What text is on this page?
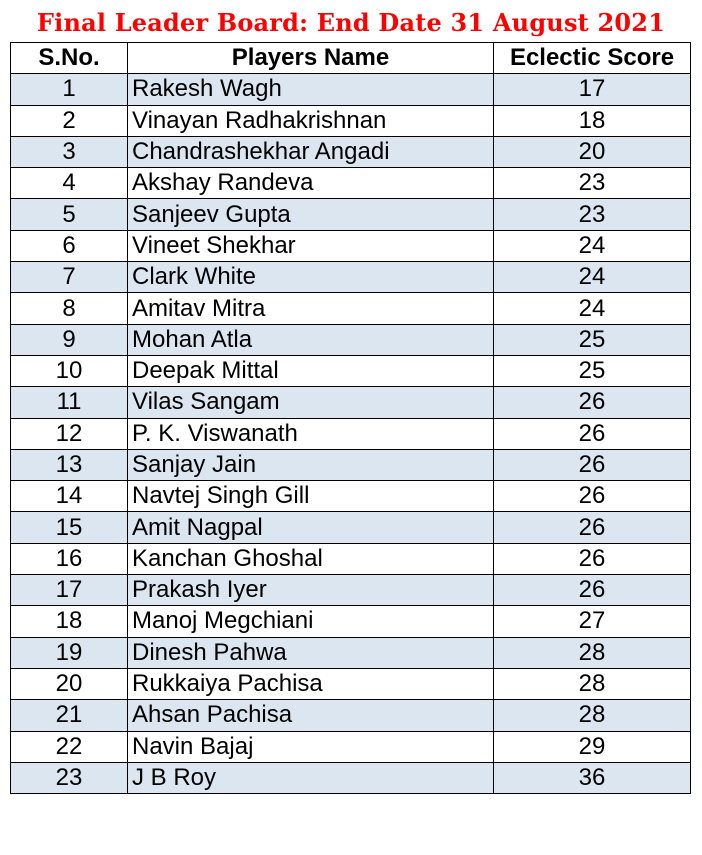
Final Leader Board: End Date 31 August 2021
S.No.	Players Name	Eclectic Score
1	Rakesh Wagh	17
2	Vinayan Radhakrishnan	18
3	Chandrashekhar Angadi	20
4	Akshay Randeva	23
5	Sanjeev Gupta	23
6	Vineet Shekhar	24
7	Clark White	24
8	Amitav Mitra	24
9	Mohan Atla	25
10	Deepak Mittal	25
11	Vilas Sangam	26
12	P. K. Viswanath	26
13	Sanjay Jain	26
14	Navtej Singh Gill	26
15	Amit Nagpal	26
16	Kanchan Ghoshal	26
17	Prakash Iyer	26
18	Manoj Megchiani	27
19	Dinesh Pahwa	28
20	Rukkaiya Pachisa	28
21	Ahsan Pachisa	28
22	Navin Bajaj	29
23	J B Roy	36
